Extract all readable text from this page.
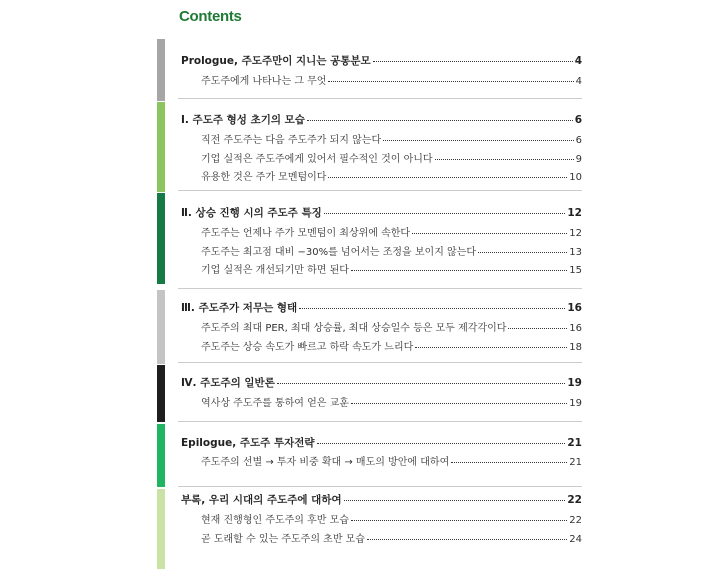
Contents
Prologue, 주도주만이 지니는 공통분모	4
주도주에게 나타나는 그 무엇	4
Ⅰ. 주도주 형성 초기의 모습	6
직전 주도주는 다음 주도주가 되지 않는다	6
기업 실적은 주도주에게 있어서 필수적인 것이 아니다	9
유용한 것은 주가 모멘텀이다	10
Ⅱ. 상승 진행 시의 주도주 특징	12
주도주는 언제나 주가 모멘텀이 최상위에 속한다	12
주도주는 최고점 대비 −30%를 넘어서는 조정을 보이지 않는다	13
기업 실적은 개선되기만 하면 된다	15
Ⅲ. 주도주가 저무는 형태	16
주도주의 최대 PER, 최대 상승률, 최대 상승일수 등은 모두 제각각이다	16
주도주는 상승 속도가 빠르고 하락 속도가 느리다	18
Ⅳ. 주도주의 일반론	19
역사상 주도주를 통하여 얻은 교훈	19
Epilogue, 주도주 투자전략	21
주도주의 선별 → 투자 비중 확대 → 매도의 방안에 대하여	21
부록, 우리 시대의 주도주에 대하여	22
현재 진행형인 주도주의 후반 모습	22
곧 도래할 수 있는 주도주의 초반 모습	24
